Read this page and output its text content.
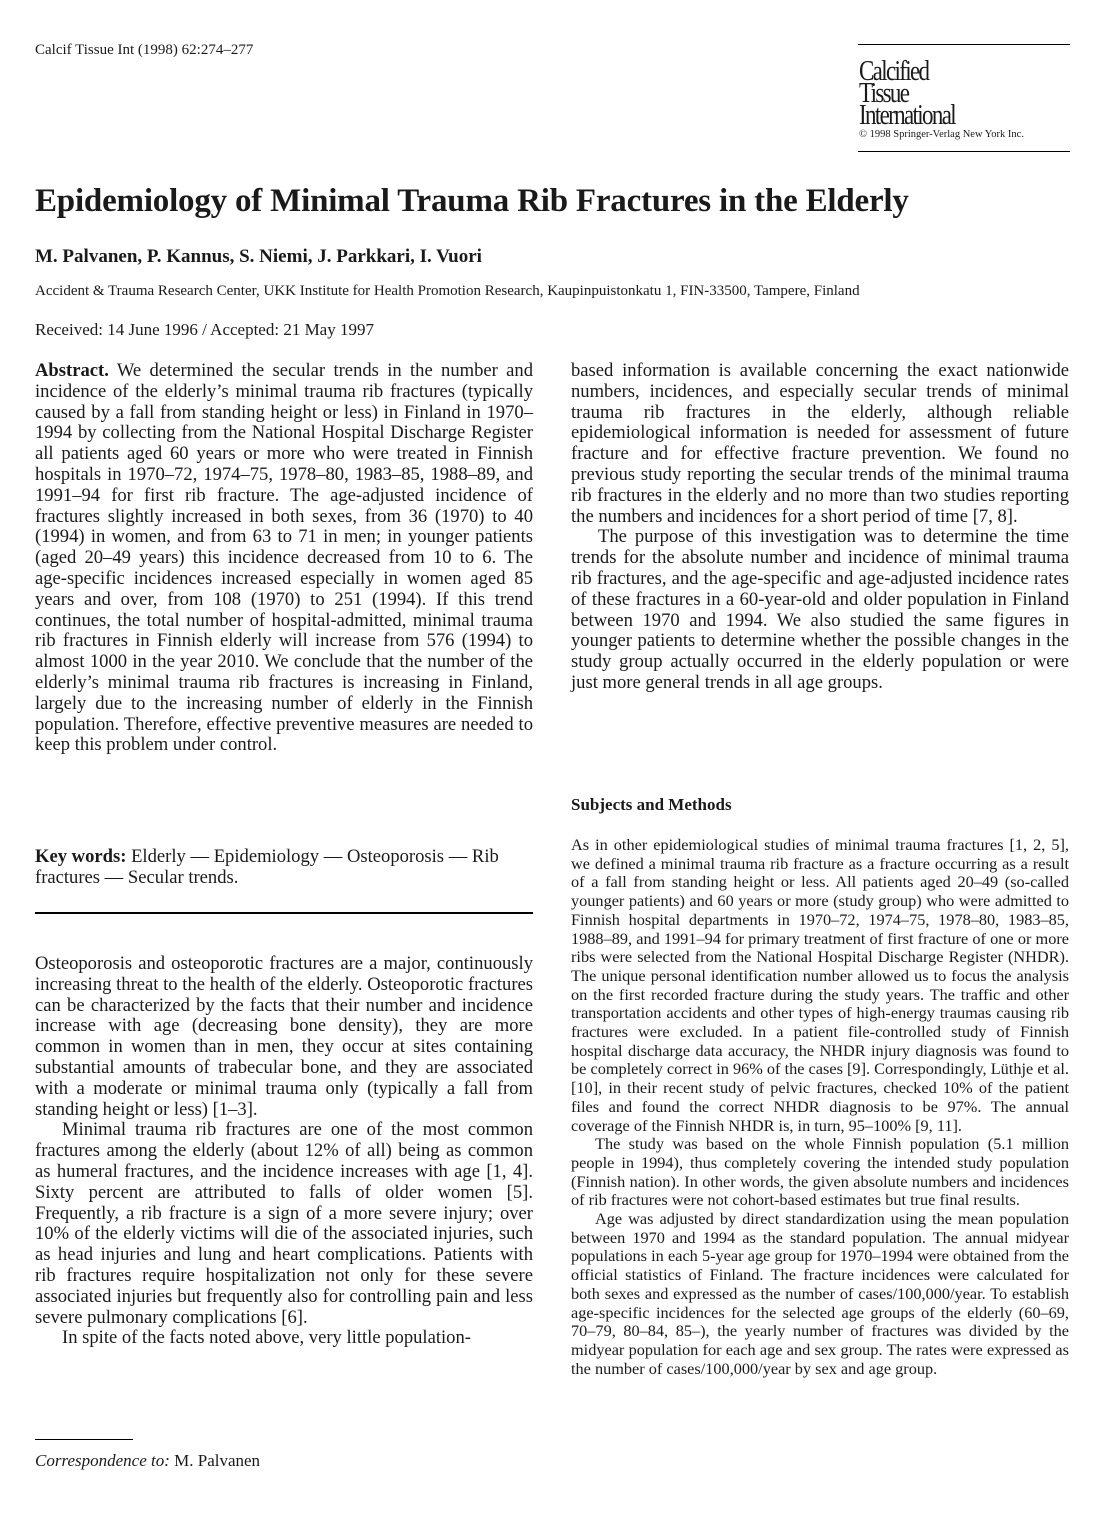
Calcif Tissue Int (1998) 62:274–277
Calcified
Tissue
International
© 1998 Springer-Verlag New York Inc.
Epidemiology of Minimal Trauma Rib Fractures in the Elderly
M. Palvanen, P. Kannus, S. Niemi, J. Parkkari, I. Vuori
Accident & Trauma Research Center, UKK Institute for Health Promotion Research, Kaupinpuistonkatu 1, FIN-33500, Tampere, Finland
Received: 14 June 1996 / Accepted: 21 May 1997

Abstract. We determined the secular trends in the number and incidence of the elderly’s minimal trauma rib fractures (typically caused by a fall from standing height or less) in Finland in 1970–1994 by collecting from the National Hospital Discharge Register all patients aged 60 years or more who were treated in Finnish hospitals in 1970–72, 1974–75, 1978–80, 1983–85, 1988–89, and 1991–94 for first rib fracture. The age-adjusted incidence of fractures slightly increased in both sexes, from 36 (1970) to 40 (1994) in women, and from 63 to 71 in men; in younger patients (aged 20–49 years) this incidence decreased from 10 to 6. The age-specific incidences increased especially in women aged 85 years and over, from 108 (1970) to 251 (1994). If this trend continues, the total number of hospital-admitted, minimal trauma rib fractures in Finnish elderly will increase from 576 (1994) to almost 1000 in the year 2010. We conclude that the number of the elderly’s minimal trauma rib fractures is increasing in Finland, largely due to the increasing number of elderly in the Finnish population. Therefore, effective preventive measures are needed to keep this problem under control.

Key words: Elderly — Epidemiology — Osteoporosis — Rib fractures — Secular trends.

Osteoporosis and osteoporotic fractures are a major, continuously increasing threat to the health of the elderly. Osteoporotic fractures can be characterized by the facts that their number and incidence increase with age (decreasing bone density), they are more common in women than in men, they occur at sites containing substantial amounts of trabecular bone, and they are associated with a moderate or minimal trauma only (typically a fall from standing height or less) [1–3].

Minimal trauma rib fractures are one of the most common fractures among the elderly (about 12% of all) being as common as humeral fractures, and the incidence increases with age [1, 4]. Sixty percent are attributed to falls of older women [5]. Frequently, a rib fracture is a sign of a more severe injury; over 10% of the elderly victims will die of the associated injuries, such as head injuries and lung and heart complications. Patients with rib fractures require hospitalization not only for these severe associated injuries but frequently also for controlling pain and less severe pulmonary complications [6].

In spite of the facts noted above, very little population-

Correspondence to: M. Palvanen

based information is available concerning the exact nationwide numbers, incidences, and especially secular trends of minimal trauma rib fractures in the elderly, although reliable epidemiological information is needed for assessment of future fracture and for effective fracture prevention. We found no previous study reporting the secular trends of the minimal trauma rib fractures in the elderly and no more than two studies reporting the numbers and incidences for a short period of time [7, 8].

The purpose of this investigation was to determine the time trends for the absolute number and incidence of minimal trauma rib fractures, and the age-specific and age-adjusted incidence rates of these fractures in a 60-year-old and older population in Finland between 1970 and 1994. We also studied the same figures in younger patients to determine whether the possible changes in the study group actually occurred in the elderly population or were just more general trends in all age groups.

Subjects and Methods

As in other epidemiological studies of minimal trauma fractures [1, 2, 5], we defined a minimal trauma rib fracture as a fracture occurring as a result of a fall from standing height or less. All patients aged 20–49 (so-called younger patients) and 60 years or more (study group) who were admitted to Finnish hospital departments in 1970–72, 1974–75, 1978–80, 1983–85, 1988–89, and 1991–94 for primary treatment of first fracture of one or more ribs were selected from the National Hospital Discharge Register (NHDR). The unique personal identification number allowed us to focus the analysis on the first recorded fracture during the study years. The traffic and other transportation accidents and other types of high-energy traumas causing rib fractures were excluded. In a patient file-controlled study of Finnish hospital discharge data accuracy, the NHDR injury diagnosis was found to be completely correct in 96% of the cases [9]. Correspondingly, Lüthje et al. [10], in their recent study of pelvic fractures, checked 10% of the patient files and found the correct NHDR diagnosis to be 97%. The annual coverage of the Finnish NHDR is, in turn, 95–100% [9, 11].

The study was based on the whole Finnish population (5.1 million people in 1994), thus completely covering the intended study population (Finnish nation). In other words, the given absolute numbers and incidences of rib fractures were not cohort-based estimates but true final results.

Age was adjusted by direct standardization using the mean population between 1970 and 1994 as the standard population. The annual midyear populations in each 5-year age group for 1970–1994 were obtained from the official statistics of Finland. The fracture incidences were calculated for both sexes and expressed as the number of cases/100,000/year. To establish age-specific incidences for the selected age groups of the elderly (60–69, 70–79, 80–84, 85–), the yearly number of fractures was divided by the midyear population for each age and sex group. The rates were expressed as the number of cases/100,000/year by sex and age group.
